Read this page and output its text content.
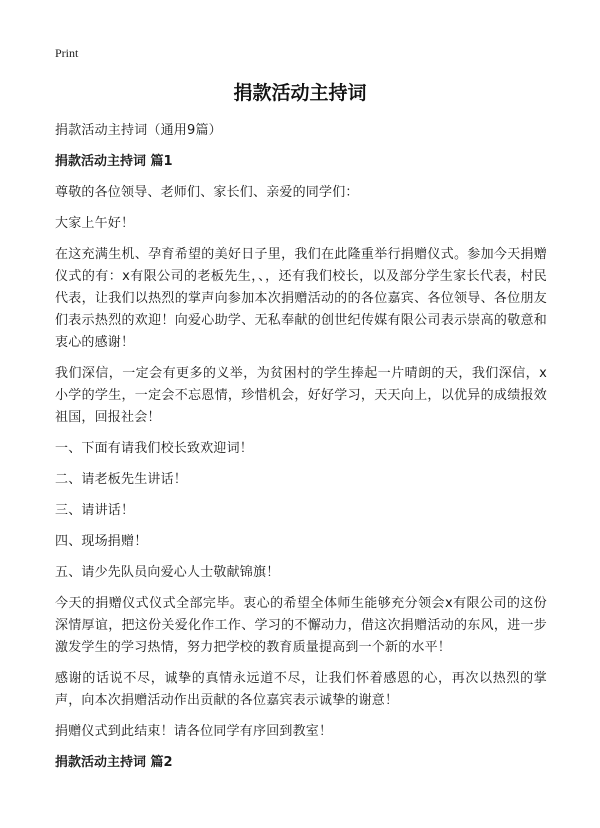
Print
捐款活动主持词

捐款活动主持词（通用9篇）

捐款活动主持词 篇1

尊敬的各位领导、老师们、家长们、亲爱的同学们：

大家上午好！

在这充满生机、孕育希望的美好日子里，我们在此隆重举行捐赠仪式。参加今天捐赠仪式的有：x有限公司的老板先生，、，还有我们校长，以及部分学生家长代表，村民代表，让我们以热烈的掌声向参加本次捐赠活动的的各位嘉宾、各位领导、各位朋友们表示热烈的欢迎！向爱心助学、无私奉献的创世纪传媒有限公司表示崇高的敬意和衷心的感谢！

我们深信，一定会有更多的义举，为贫困村的学生捧起一片晴朗的天，我们深信，x小学的学生，一定会不忘恩情，珍惜机会，好好学习，天天向上，以优异的成绩报效祖国，回报社会！

一、下面有请我们校长致欢迎词！

二、请老板先生讲话！

三、请讲话！

四、现场捐赠！

五、请少先队员向爱心人士敬献锦旗！

今天的捐赠仪式仪式全部完毕。衷心的希望全体师生能够充分领会x有限公司的这份深情厚谊，把这份关爱化作工作、学习的不懈动力，借这次捐赠活动的东风，进一步激发学生的学习热情，努力把学校的教育质量提高到一个新的水平！

感谢的话说不尽，诚挚的真情永远道不尽，让我们怀着感恩的心，再次以热烈的掌声，向本次捐赠活动作出贡献的各位嘉宾表示诚挚的谢意！

捐赠仪式到此结束！请各位同学有序回到教室！

捐款活动主持词 篇2
